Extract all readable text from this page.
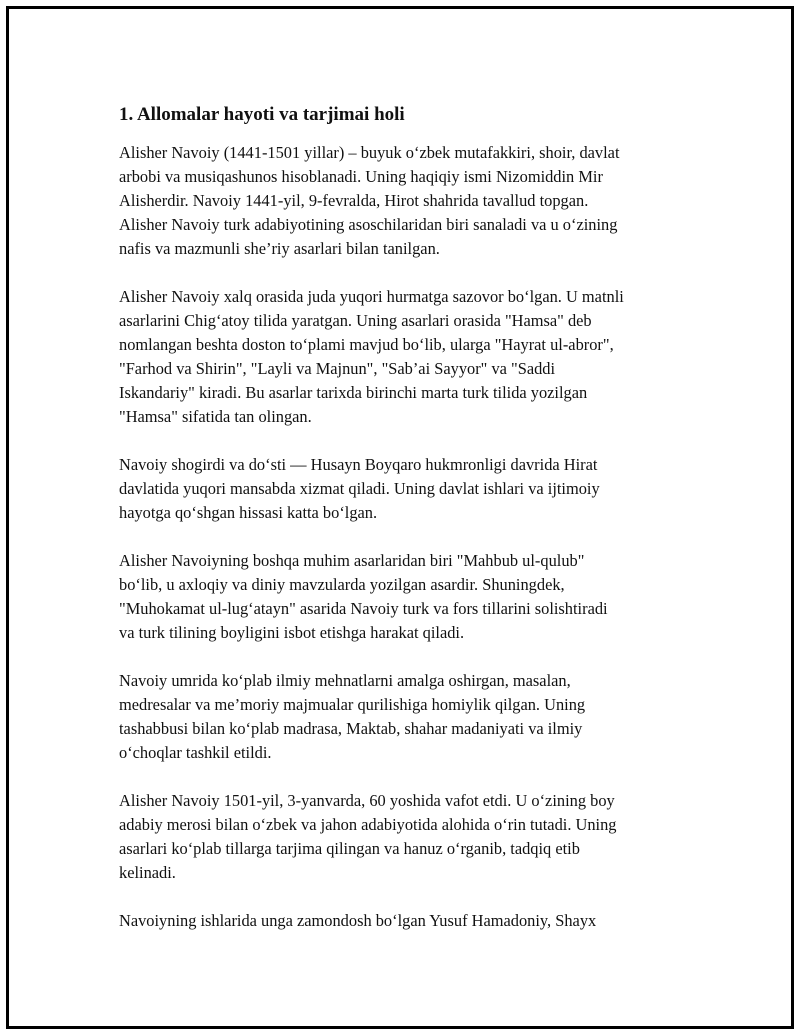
1. Allomalar hayoti va tarjimai holi

Alisher Navoiy (1441-1501 yillar) – buyuk o‘zbek mutafakkiri, shoir, davlat
arbobi va musiqashunos hisoblanadi. Uning haqiqiy ismi Nizomiddin Mir
Alisherdir. Navoiy 1441-yil, 9-fevralda, Hirot shahrida tavallud topgan.
Alisher Navoiy turk adabiyotining asoschilaridan biri sanaladi va u o‘zining
nafis va mazmunli she’riy asarlari bilan tanilgan.

Alisher Navoiy xalq orasida juda yuqori hurmatga sazovor bo‘lgan. U matnli
asarlarini Chig‘atoy tilida yaratgan. Uning asarlari orasida "Hamsa" deb
nomlangan beshta doston to‘plami mavjud bo‘lib, ularga "Hayrat ul-abror",
"Farhod va Shirin", "Layli va Majnun", "Sab’ai Sayyor" va "Saddi
Iskandariy" kiradi. Bu asarlar tarixda birinchi marta turk tilida yozilgan
"Hamsa" sifatida tan olingan.

Navoiy shogirdi va do‘sti — Husayn Boyqaro hukmronligi davrida Hirat
davlatida yuqori mansabda xizmat qiladi. Uning davlat ishlari va ijtimoiy
hayotga qo‘shgan hissasi katta bo‘lgan.

Alisher Navoiyning boshqa muhim asarlaridan biri "Mahbub ul-qulub"
bo‘lib, u axloqiy va diniy mavzularda yozilgan asardir. Shuningdek,
"Muhokamat ul-lug‘atayn" asarida Navoiy turk va fors tillarini solishtiradi
va turk tilining boyligini isbot etishga harakat qiladi.

Navoiy umrida ko‘plab ilmiy mehnatlarni amalga oshirgan, masalan,
medresalar va me’moriy majmualar qurilishiga homiylik qilgan. Uning
tashabbusi bilan ko‘plab madrasa, Maktab, shahar madaniyati va ilmiy
o‘choqlar tashkil etildi.

Alisher Navoiy 1501-yil, 3-yanvarda, 60 yoshida vafot etdi. U o‘zining boy
adabiy merosi bilan o‘zbek va jahon adabiyotida alohida o‘rin tutadi. Uning
asarlari ko‘plab tillarga tarjima qilingan va hanuz o‘rganib, tadqiq etib
kelinadi.

Navoiyning ishlarida unga zamondosh bo‘lgan Yusuf Hamadoniy, Shayx
